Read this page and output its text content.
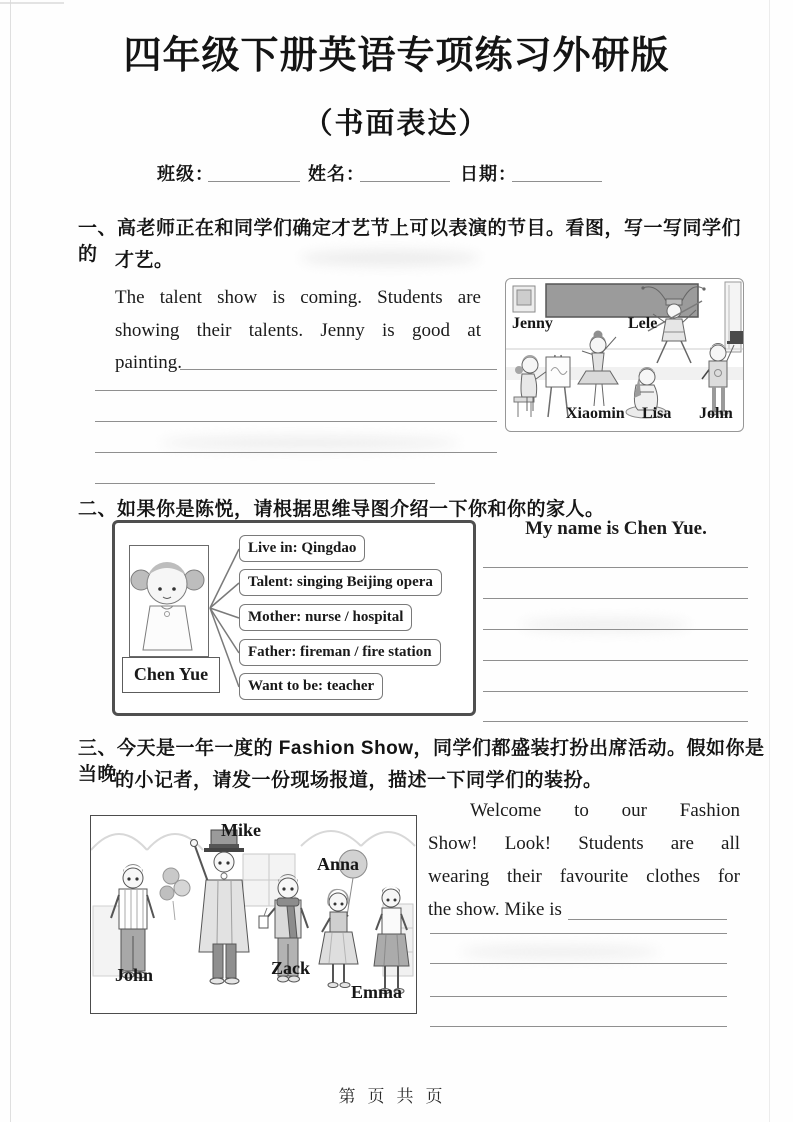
四年级下册英语专项练习外研版
（书面表达）
班级：	姓名：	日期：
一、高老师正在和同学们确定才艺节上可以表演的节目。看图，写一写同学们的 才艺。
The talent show is coming. Students are
showing their talents. Jenny is good at
painting.
Jenny	Lele
Xiaomin Lisa John
二、如果你是陈悦，请根据思维导图介绍一下你和你的家人。
Chen Yue
Live in: Qingdao
Talent: singing Beijing opera
Mother: nurse / hospital
Father: fireman / fire station
Want to be: teacher
My name is Chen Yue.
三、今天是一年一度的 Fashion Show，同学们都盛装打扮出席活动。假如你是当晚
的小记者，请发一份现场报道，描述一下同学们的装扮。
Mike
Anna
John	Zack
Emma
Welcome to our Fashion
Show! Look! Students are all
wearing their favourite clothes for
the show. Mike is
第页共页
